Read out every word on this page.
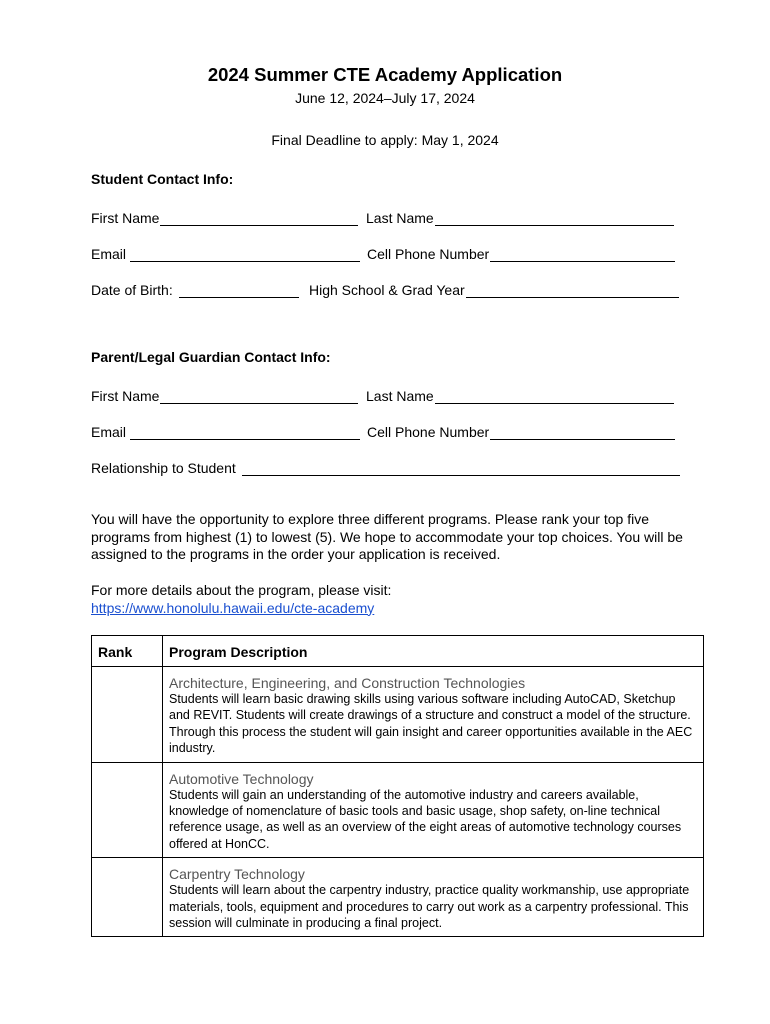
2024 Summer CTE Academy Application
June 12, 2024–July 17, 2024
Final Deadline to apply: May 1, 2024
Student Contact Info:
First Name	Last Name
Email	Cell Phone Number
Date of Birth:	High School & Grad Year
Parent/Legal Guardian Contact Info:
First Name	Last Name
Email	Cell Phone Number
Relationship to Student
You will have the opportunity to explore three different programs. Please rank your top five programs from highest (1) to lowest (5). We hope to accommodate your top choices. You will be assigned to the programs in the order your application is received.
For more details about the program, please visit:
https://www.honolulu.hawaii.edu/cte-academy
Rank	Program Description

	Architecture, Engineering, and Construction Technologies
Students will learn basic drawing skills using various software including AutoCAD, Sketchup and REVIT. Students will create drawings of a structure and construct a model of the structure. Through this process the student will gain insight and career opportunities available in the AEC industry.

	Automotive Technology
Students will gain an understanding of the automotive industry and careers available, knowledge of nomenclature of basic tools and basic usage, shop safety, on-line technical reference usage, as well as an overview of the eight areas of automotive technology courses offered at HonCC.

	Carpentry Technology
Students will learn about the carpentry industry, practice quality workmanship, use appropriate materials, tools, equipment and procedures to carry out work as a carpentry professional. This session will culminate in producing a final project.
